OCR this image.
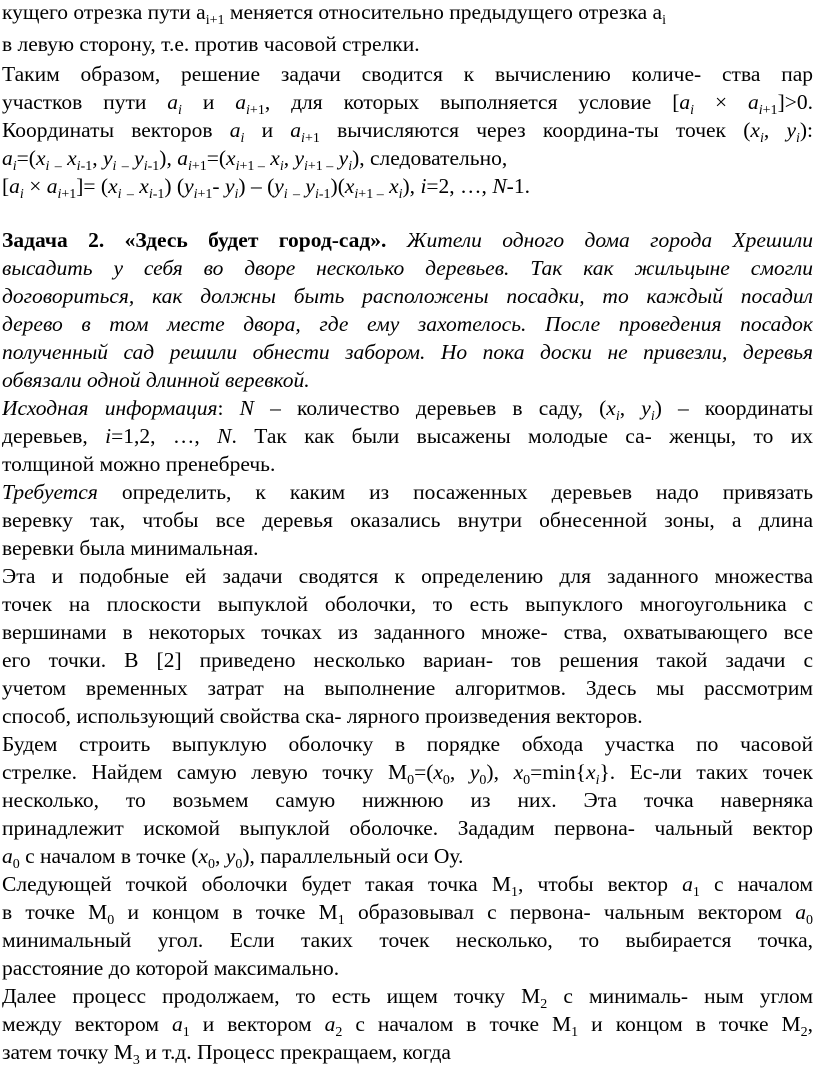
кущего отрезка пути $a_{i+1}$ меняется относительно предыдущего отрезка $a_i$
в левую сторону, т.е. против часовой стрелки.
Таким образом, решение задачи сводится к вычислению количе- ства пар
участков пути $a_i$ и $a_{i+1}$, для которых выполняется условие $[a_i \times a_{i+1}]>0$.
Координаты векторов $a_i$ и $a_{i+1}$ вычисляются через координа-ты точек ($x_i$, $y_i$):
$a_i=(x_i$ $_-$ $x_{i-1}$, $y_i$ $_-$ $y_{i-1}$), $a_{i+1}=(x_{i+1 -}$ $x_i$, $y_{i+1 -}$ $y_i$), следовательно,
$[a_i \times a_{i+1}]= (x_i$ $_-$ $x_{i-1}$) ($y_{i+1}-$ $y_i) - (y_i$ $_-$ $y_{i-1})(x_{i+1 -}$ $x_i$), i=2, …, N-1.
Задача 2. «Здесь будет город-сад». Жители одного дома города Хрешили
высадить у себя во дворе несколько деревьев. Так как жильцыне смогли
договориться, как должны быть расположены посадки, то каждый посадил
дерево в том месте двора, где ему захотелось. После проведения посадок
полученный сад решили обнести забором. Но пока доски не привезли, деревья
обвязали одной длинной веревкой.
Исходная информация: N – количество деревьев в саду, ($x_i$, $y_i$) – координаты
деревьев, i=1,2, …, N. Так как были высажены молодые са- женцы, то их
толщиной можно пренебречь.
Требуется определить, к каким из посаженных деревьев надо привязать
веревку так, чтобы все деревья оказались внутри обнесенной зоны, а длина
веревки была минимальная.
Эта и подобные ей задачи сводятся к определению для заданного множества
точек на плоскости выпуклой оболочки, то есть выпуклого многоугольника с
вершинами в некоторых точках из заданного множе- ства, охватывающего все
его точки. В [2] приведено несколько вариан- тов решения такой задачи с
учетом временных затрат на выполнение алгоритмов. Здесь мы рассмотрим
способ, использующий свойства ска- лярного произведения векторов.
Будем строить выпуклую оболочку в порядке обхода участка по часовой
стрелке. Найдем самую левую точку $М_0=(x_0$, $y_0$), $x_0=\min\{x_i\}$. Ес-ли таких точек
несколько, то возьмем самую нижнюю из них. Эта точка наверняка
принадлежит искомой выпуклой оболочке. Зададим первона- чальный вектор
$a_0$ с началом в точке ($x_0$, $y_0$), параллельный оси Оу.
Следующей точкой оболочки будет такая точка $М_1$, чтобы вектор $a_1$ с началом
в точке $М_0$ и концом в точке $М_1$ образовывал с первона- чальным вектором $a_0$
минимальный угол. Если таких точек несколько, то выбирается точка,
расстояние до которой максимально.
Далее процесс продолжаем, то есть ищем точку $М_2$ с минималь- ным углом
между вектором $a_1$ и вектором $a_2$ с началом в точке $М_1$ и концом в точке $М_2$,
затем точку $М_3$ и т.д. Процесс прекращаем, когда
